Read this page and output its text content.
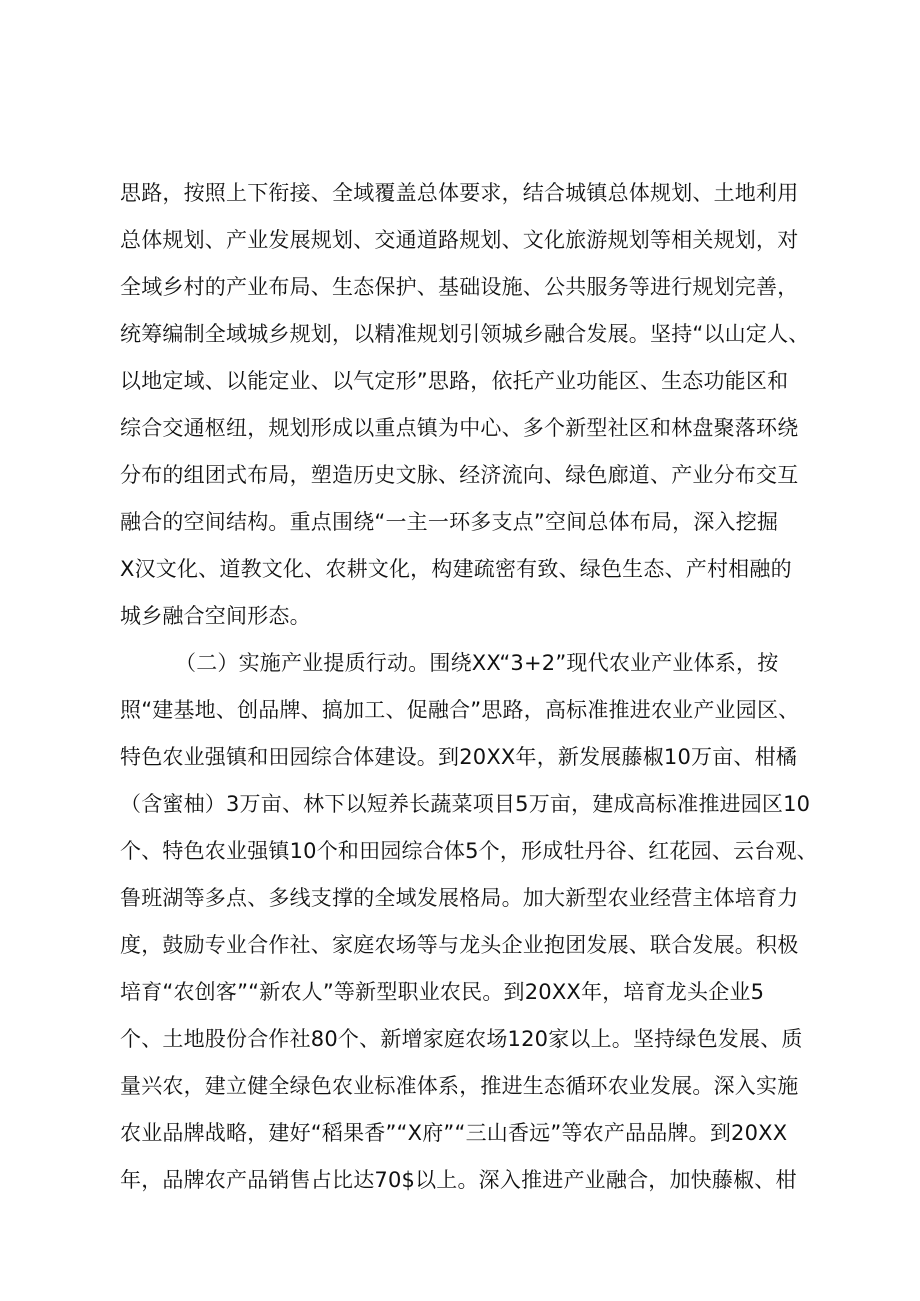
思路，按照上下衔接、全域覆盖总体要求，结合城镇总体规划、土地利用
总体规划、产业发展规划、交通道路规划、文化旅游规划等相关规划，对
全域乡村的产业布局、生态保护、基础设施、公共服务等进行规划完善，
统筹编制全域城乡规划，以精准规划引领城乡融合发展。坚持“以山定人、
以地定域、以能定业、以气定形”思路，依托产业功能区、生态功能区和
综合交通枢纽，规划形成以重点镇为中心、多个新型社区和林盘聚落环绕
分布的组团式布局，塑造历史文脉、经济流向、绿色廊道、产业分布交互
融合的空间结构。重点围绕“一主一环多支点”空间总体布局，深入挖掘
X汉文化、道教文化、农耕文化，构建疏密有致、绿色生态、产村相融的
城乡融合空间形态。
（二）实施产业提质行动。围绕XX“3+2”现代农业产业体系，按
照“建基地、创品牌、搞加工、促融合”思路，高标准推进农业产业园区、
特色农业强镇和田园综合体建设。到20XX年，新发展藤椒10万亩、柑橘
（含蜜柚）3万亩、林下以短养长蔬菜项目5万亩，建成高标准推进园区10
个、特色农业强镇10个和田园综合体5个，形成牡丹谷、红花园、云台观、
鲁班湖等多点、多线支撑的全域发展格局。加大新型农业经营主体培育力
度，鼓励专业合作社、家庭农场等与龙头企业抱团发展、联合发展。积极
培育“农创客”“新农人”等新型职业农民。到20XX年，培育龙头企业5
个、土地股份合作社80个、新增家庭农场120家以上。坚持绿色发展、质
量兴农，建立健全绿色农业标准体系，推进生态循环农业发展。深入实施
农业品牌战略，建好“稻果香”“X府”“三山香远”等农产品品牌。到20XX
年，品牌农产品销售占比达70$以上。深入推进产业融合，加快藤椒、柑
